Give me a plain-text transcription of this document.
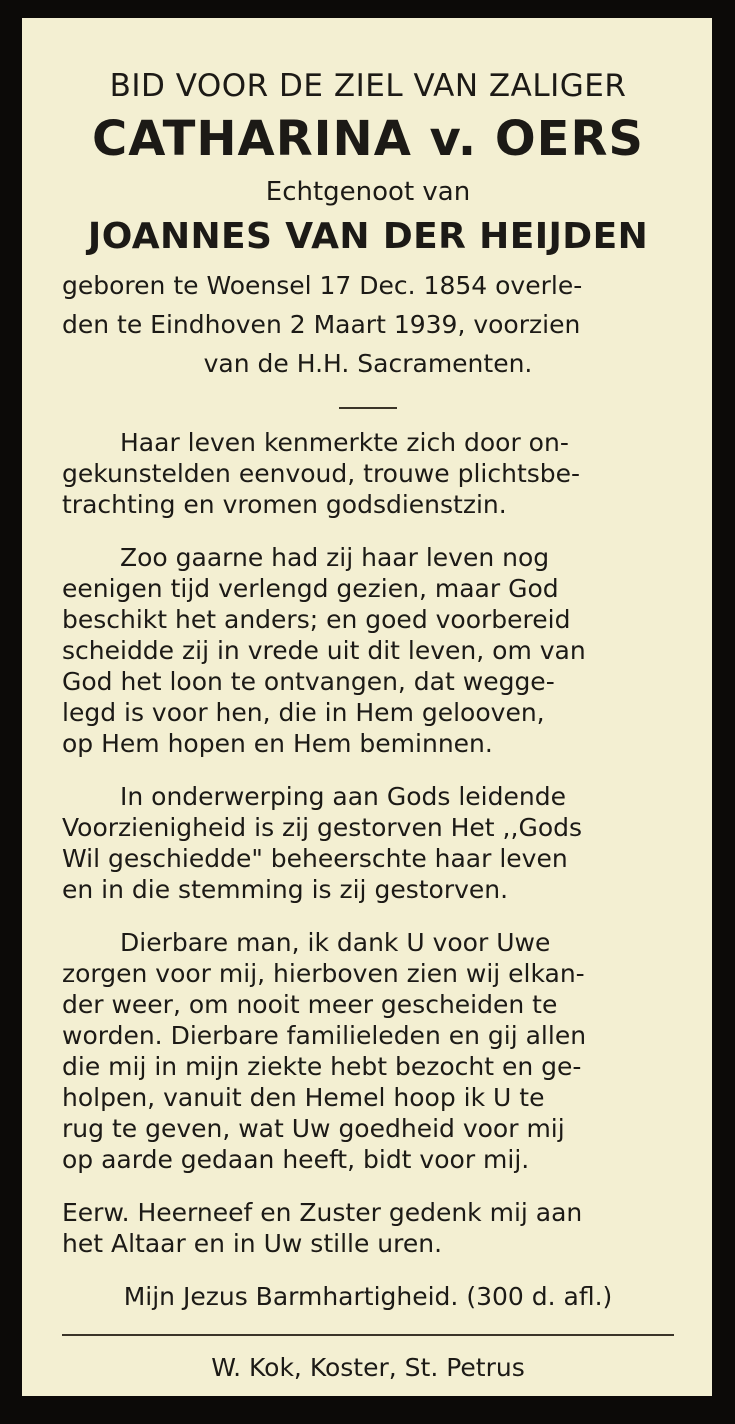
BID VOOR DE ZIEL VAN ZALIGER

CATHARINA v. OERS

Echtgenoot van

JOANNES VAN DER HEIJDEN

geboren te Woensel 17 Dec. 1854 overle-
den te Eindhoven 2 Maart 1939, voorzien
van de H.H. Sacramenten.
Haar leven kenmerkte zich door on-
gekunstelden eenvoud, trouwe plichtsbe-
trachting en vromen godsdienstzin.
Zoo gaarne had zij haar leven nog
eenigen tijd verlengd gezien, maar God
beschikt het anders; en goed voorbereid
scheidde zij in vrede uit dit leven, om van
God het loon te ontvangen, dat wegge-
legd is voor hen, die in Hem gelooven,
op Hem hopen en Hem beminnen.
In onderwerping aan Gods leidende
Voorzienigheid is zij gestorven Het ,,Gods
Wil geschiedde" beheerschte haar leven
en in die stemming is zij gestorven.
Dierbare man, ik dank U voor Uwe
zorgen voor mij, hierboven zien wij elkan-
der weer, om nooit meer gescheiden te
worden. Dierbare familieleden en gij allen
die mij in mijn ziekte hebt bezocht en ge-
holpen, vanuit den Hemel hoop ik U te
rug te geven, wat Uw goedheid voor mij
op aarde gedaan heeft, bidt voor mij.
Eerw. Heerneef en Zuster gedenk mij aan
het Altaar en in Uw stille uren.

Mijn Jezus Barmhartigheid. (300 d. afl.)

W. Kok, Koster, St. Petrus
